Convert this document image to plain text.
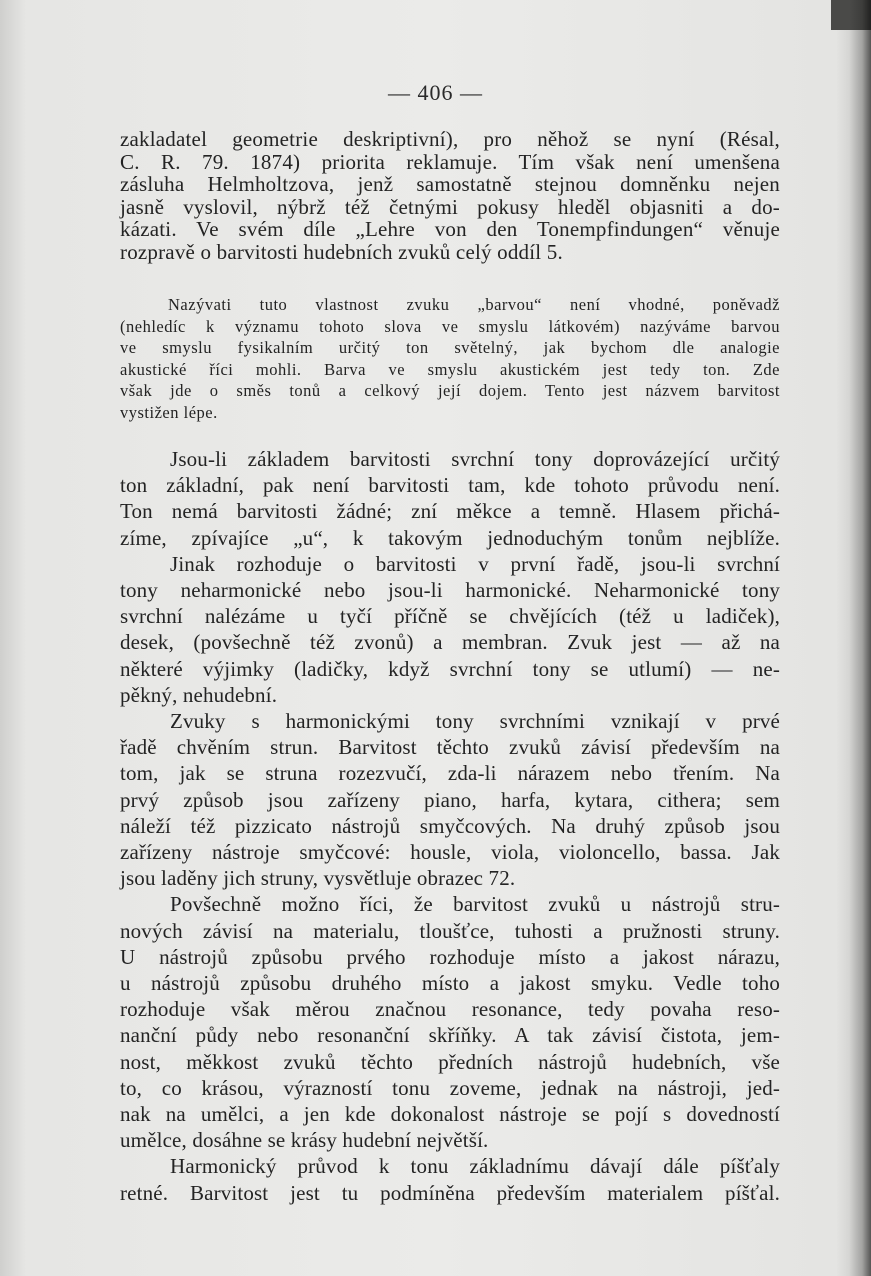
— 406 —
zakladatel geometrie deskriptivní), pro něhož se nyní (Résal,
C. R. 79. 1874) priorita reklamuje. Tím však není umenšena
zásluha Helmholtzova, jenž samostatně stejnou domněnku nejen
jasně vyslovil, nýbrž též četnými pokusy hleděl objasniti a do-
kázati. Ve svém díle „Lehre von den Tonempfindungen“ věnuje
rozpravě o barvitosti hudebních zvuků celý oddíl 5.
Nazývati tuto vlastnost zvuku „barvou“ není vhodné, poněvadž
(nehledíc k významu tohoto slova ve smyslu látkovém) nazýváme barvou
ve smyslu fysikalním určitý ton světelný, jak bychom dle analogie
akustické říci mohli. Barva ve smyslu akustickém jest tedy ton. Zde
však jde o směs tonů a celkový její dojem. Tento jest názvem barvitost
vystižen lépe.
Jsou-li základem barvitosti svrchní tony doprovázející určitý
ton základní, pak není barvitosti tam, kde tohoto průvodu není.
Ton nemá barvitosti žádné; zní měkce a temně. Hlasem přichá-
zíme, zpívajíce „u“, k takovým jednoduchým tonům nejblíže.
Jinak rozhoduje o barvitosti v první řadě, jsou-li svrchní
tony neharmonické nebo jsou-li harmonické. Neharmonické tony
svrchní nalézáme u tyčí příčně se chvějících (též u ladiček),
desek, (povšechně též zvonů) a membran. Zvuk jest — až na
některé výjimky (ladičky, když svrchní tony se utlumí) — ne-
pěkný, nehudební.
Zvuky s harmonickými tony svrchními vznikají v prvé
řadě chvěním strun. Barvitost těchto zvuků závisí především na
tom, jak se struna rozezvučí, zda-li nárazem nebo třením. Na
prvý způsob jsou zařízeny piano, harfa, kytara, cithera; sem
náleží též pizzicato nástrojů smyčcových. Na druhý způsob jsou
zařízeny nástroje smyčcové: housle, viola, violoncello, bassa. Jak
jsou laděny jich struny, vysvětluje obrazec 72.
Povšechně možno říci, že barvitost zvuků u nástrojů stru-
nových závisí na materialu, tloušťce, tuhosti a pružnosti struny.
U nástrojů způsobu prvého rozhoduje místo a jakost nárazu,
u nástrojů způsobu druhého místo a jakost smyku. Vedle toho
rozhoduje však měrou značnou resonance, tedy povaha reso-
nanční půdy nebo resonanční skříňky. A tak závisí čistota, jem-
nost, měkkost zvuků těchto předních nástrojů hudebních, vše
to, co krásou, výrazností tonu zoveme, jednak na nástroji, jed-
nak na umělci, a jen kde dokonalost nástroje se pojí s dovedností
umělce, dosáhne se krásy hudební největší.
Harmonický průvod k tonu základnímu dávají dále píšťaly
retné. Barvitost jest tu podmíněna především materialem píšťal.
